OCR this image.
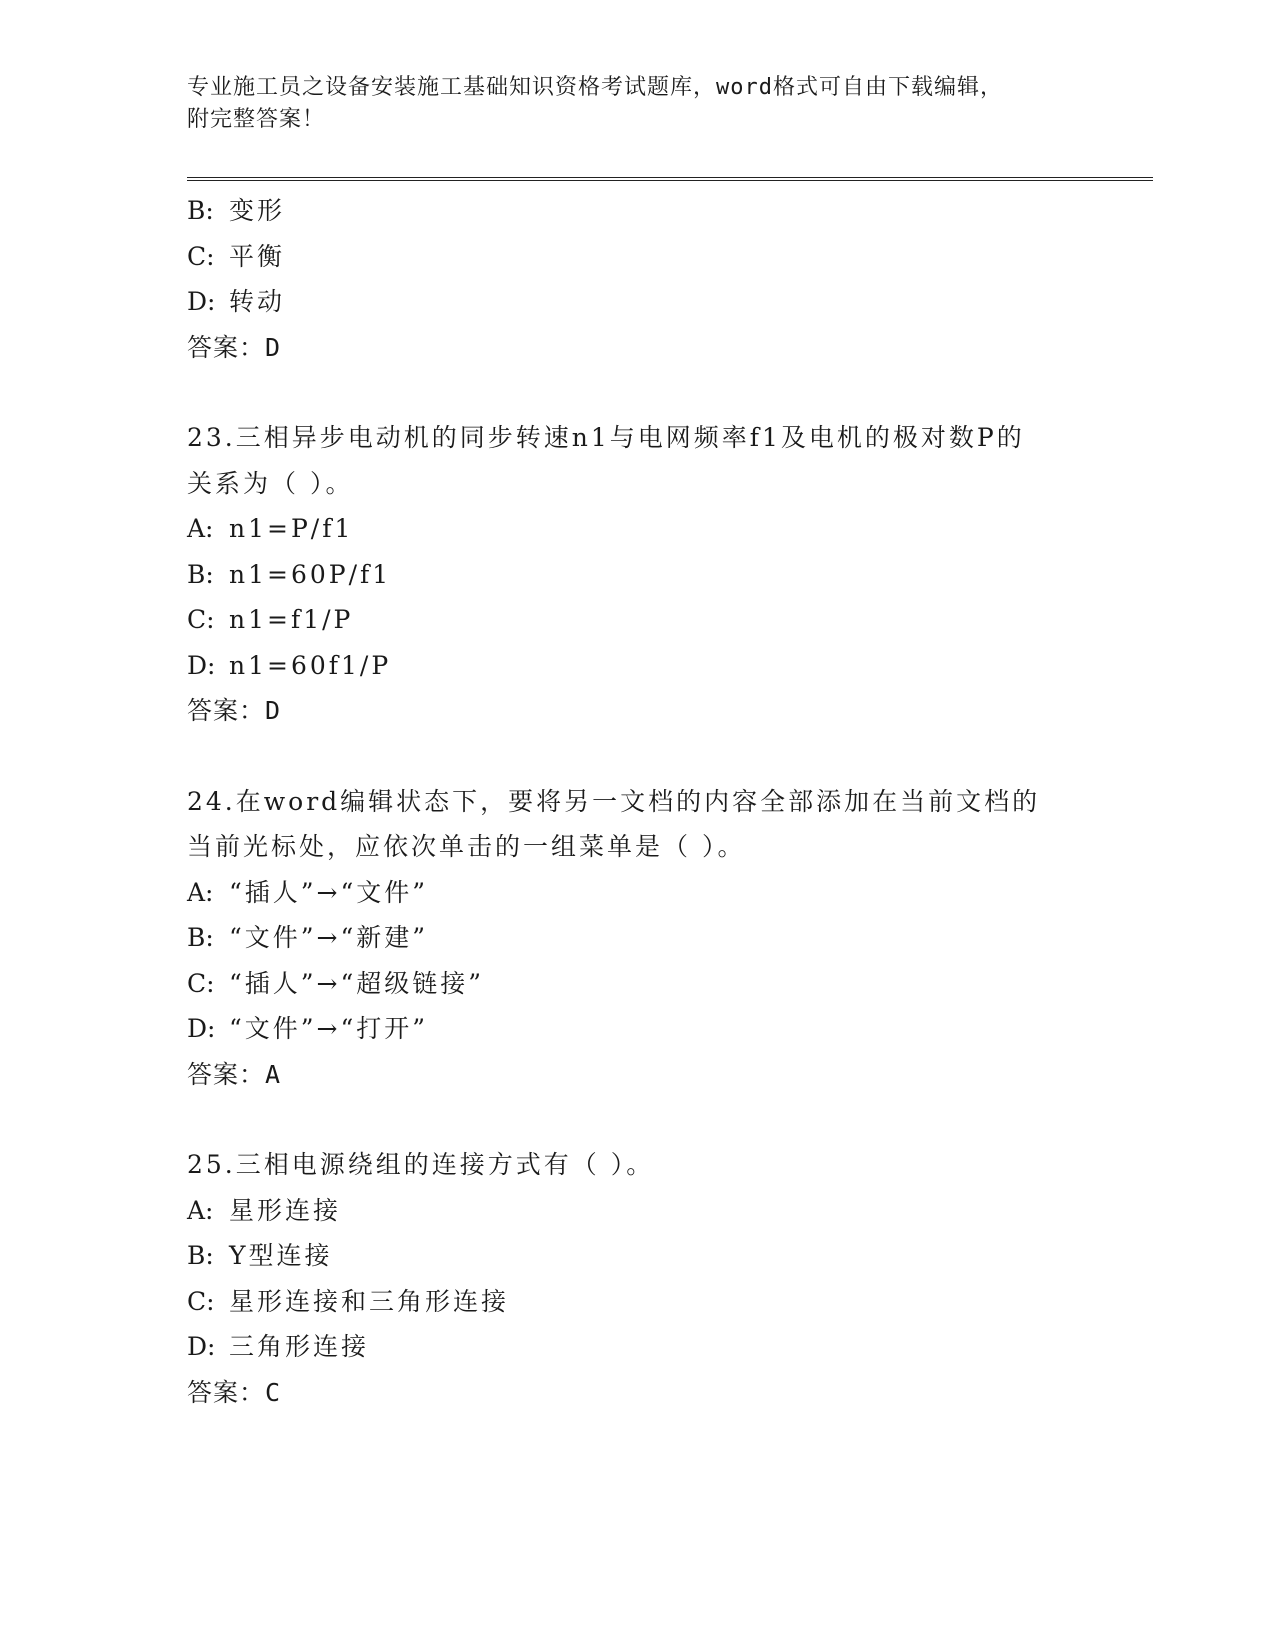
专业施工员之设备安装施工基础知识资格考试题库，word格式可自由下载编辑，
附完整答案！
B: 变形
C: 平衡
D: 转动
答案：D
23.三相异步电动机的同步转速n1与电网频率f1及电机的极对数P的
关系为（ ）。
A: n1=P/f1
B: n1=60P/f1
C: n1=f1/P
D: n1=60f1/P
答案：D
24.在word编辑状态下，要将另一文档的内容全部添加在当前文档的
当前光标处，应依次单击的一组菜单是（ ）。
A: “插人”→“文件”
B: “文件”→“新建”
C: “插人”→“超级链接”
D: “文件”→“打开”
答案：A
25.三相电源绕组的连接方式有（ ）。
A: 星形连接
B: Y型连接
C: 星形连接和三角形连接
D: 三角形连接
答案：C
